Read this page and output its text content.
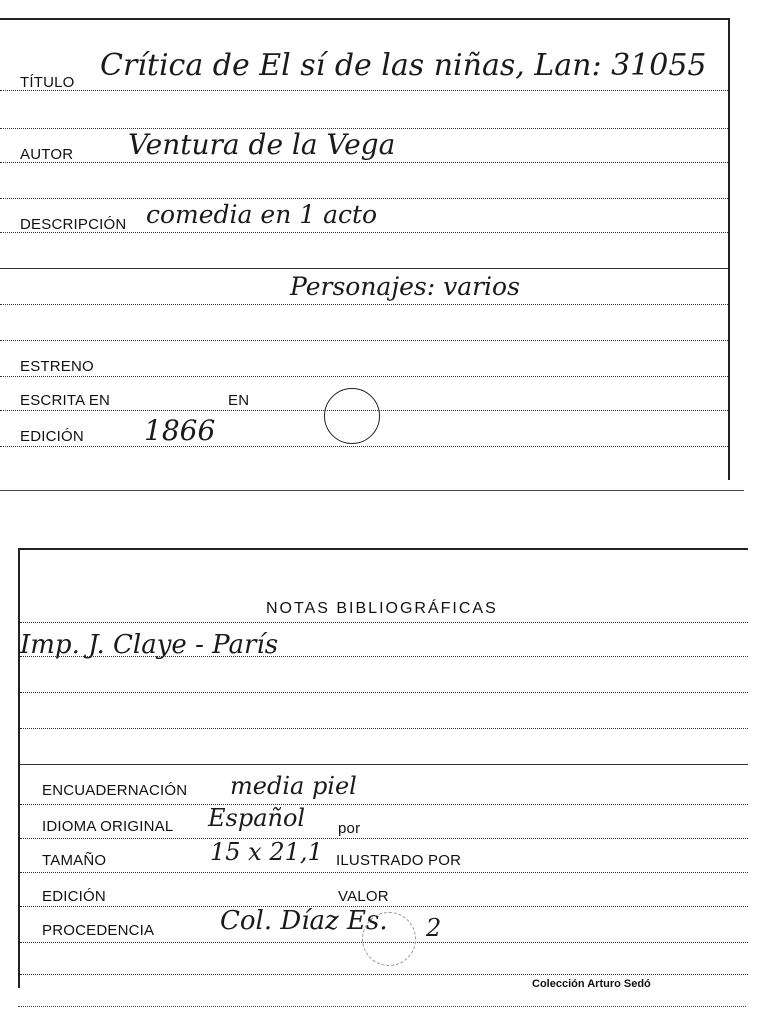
TÍTULO Crítica de El sí de las niñas, Lan: 31055
AUTOR Ventura de la Vega
DESCRIPCIÓN comedia en 1 acto
Personajes: varios
ESTRENO
ESCRITA EN	EN
EDICIÓN 1866
NOTAS BIBLIOGRÁFICAS
Imp. J. Claye - París
ENCUADERNACIÓN media piel
IDIOMA ORIGINAL Español por
TAMAÑO	15 x 21,1 ILUSTRADO POR
EDICIÓN	VALOR
PROCEDENCIA	Col. Díaz Es. 2
Colección Arturo Sedó
